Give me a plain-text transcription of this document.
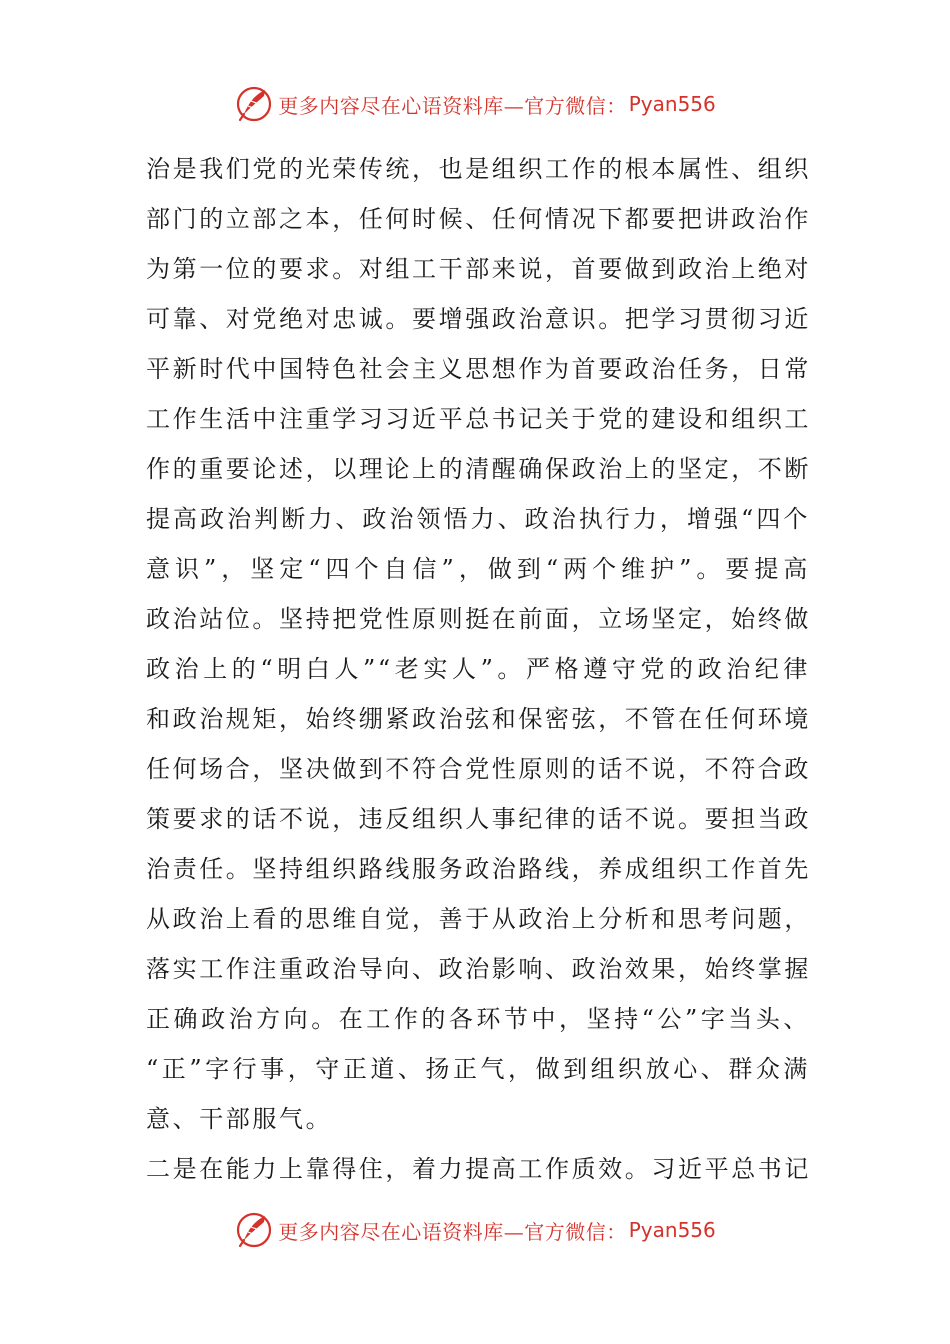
更多内容尽在心语资料库—官方微信： Pyan556
治是我们党的光荣传统，也是组织工作的根本属性、组织
部门的立部之本，任何时候、任何情况下都要把讲政治作
为第一位的要求。对组工干部来说，首要做到政治上绝对
可靠、对党绝对忠诚。要增强政治意识。把学习贯彻习近
平新时代中国特色社会主义思想作为首要政治任务，日常
工作生活中注重学习习近平总书记关于党的建设和组织工
作的重要论述，以理论上的清醒确保政治上的坚定，不断
提高政治判断力、政治领悟力、政治执行力，增强“四个
意识”，坚定“四个自信”，做到“两个维护”。要提高
政治站位。坚持把党性原则挺在前面，立场坚定，始终做
政治上的“明白人”“老实人”。严格遵守党的政治纪律
和政治规矩，始终绷紧政治弦和保密弦，不管在任何环境
任何场合，坚决做到不符合党性原则的话不说，不符合政
策要求的话不说，违反组织人事纪律的话不说。要担当政
治责任。坚持组织路线服务政治路线，养成组织工作首先
从政治上看的思维自觉，善于从政治上分析和思考问题，
落实工作注重政治导向、政治影响、政治效果，始终掌握
正确政治方向。在工作的各环节中，坚持“公”字当头、
“正”字行事，守正道、扬正气，做到组织放心、群众满
意、干部服气。
二是在能力上靠得住，着力提高工作质效。习近平总书记
更多内容尽在心语资料库—官方微信： Pyan556
